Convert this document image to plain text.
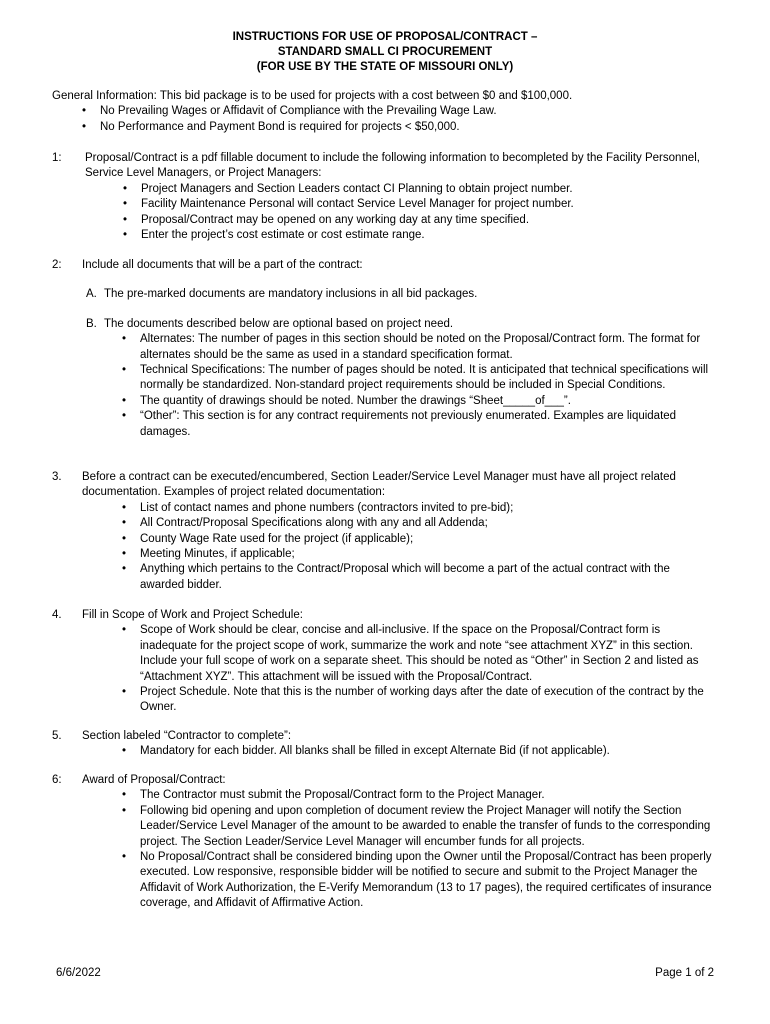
INSTRUCTIONS FOR USE OF PROPOSAL/CONTRACT –
STANDARD SMALL CI PROCUREMENT
(FOR USE BY THE STATE OF MISSOURI ONLY)
General Information: This bid package is to be used for projects with a cost between $0 and $100,000.
• No Prevailing Wages or Affidavit of Compliance with the Prevailing Wage Law.
• No Performance and Payment Bond is required for projects < $50,000.
1: Proposal/Contract is a pdf fillable document to include the following information to becompleted by the Facility Personnel, Service Level Managers, or Project Managers:
• Project Managers and Section Leaders contact CI Planning to obtain project number.
• Facility Maintenance Personal will contact Service Level Manager for project number.
• Proposal/Contract may be opened on any working day at any time specified.
• Enter the project’s cost estimate or cost estimate range.
2: Include all documents that will be a part of the contract:
A. The pre-marked documents are mandatory inclusions in all bid packages.
B. The documents described below are optional based on project need.
• Alternates: The number of pages in this section should be noted on the Proposal/Contract form. The format for alternates should be the same as used in a standard specification format.
• Technical Specifications: The number of pages should be noted. It is anticipated that technical specifications will normally be standardized. Non-standard project requirements should be included in Special Conditions.
• The quantity of drawings should be noted. Number the drawings “Sheet_____of___”.
• “Other”: This section is for any contract requirements not previously enumerated. Examples are liquidated damages.
3. Before a contract can be executed/encumbered, Section Leader/Service Level Manager must have all project related documentation. Examples of project related documentation:
• List of contact names and phone numbers (contractors invited to pre-bid);
• All Contract/Proposal Specifications along with any and all Addenda;
• County Wage Rate used for the project (if applicable);
• Meeting Minutes, if applicable;
• Anything which pertains to the Contract/Proposal which will become a part of the actual contract with the awarded bidder.
4. Fill in Scope of Work and Project Schedule:
• Scope of Work should be clear, concise and all-inclusive. If the space on the Proposal/Contract form is inadequate for the project scope of work, summarize the work and note “see attachment XYZ” in this section. Include your full scope of work on a separate sheet. This should be noted as “Other” in Section 2 and listed as “Attachment XYZ”. This attachment will be issued with the Proposal/Contract.
• Project Schedule. Note that this is the number of working days after the date of execution of the contract by the Owner.
5. Section labeled “Contractor to complete”:
• Mandatory for each bidder. All blanks shall be filled in except Alternate Bid (if not applicable).
6: Award of Proposal/Contract:
• The Contractor must submit the Proposal/Contract form to the Project Manager.
• Following bid opening and upon completion of document review the Project Manager will notify the Section Leader/Service Level Manager of the amount to be awarded to enable the transfer of funds to the corresponding project. The Section Leader/Service Level Manager will encumber funds for all projects.
• No Proposal/Contract shall be considered binding upon the Owner until the Proposal/Contract has been properly executed. Low responsive, responsible bidder will be notified to secure and submit to the Project Manager the Affidavit of Work Authorization, the E-Verify Memorandum (13 to 17 pages), the required certificates of insurance coverage, and Affidavit of Affirmative Action.
6/6/2022	Page 1 of 2
